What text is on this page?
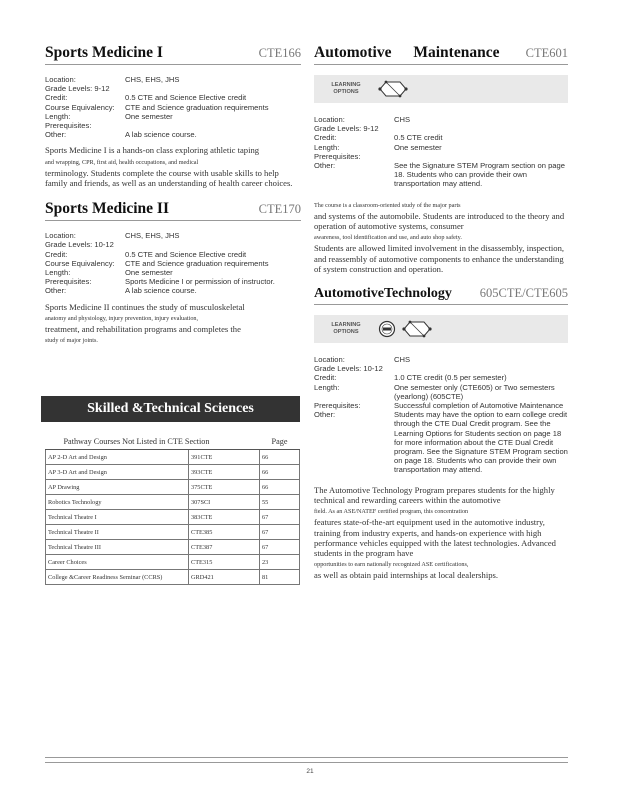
Sports Medicine I	CTE166
Location:	CHS, EHS, JHS
Grade Levels: 9-12
Credit:	0.5 CTE and Science Elective credit
Course Equivalency:	CTE and Science graduation requirements
Length:	One semester
Prerequisites:
Other:	A lab science course.
Sports Medicine I is a hands-on class exploring athletic taping
and wrapping, CPR, first aid, health occupations, and medical
terminology. Students complete the course with usable skills to help family and friends, as well as an understanding of health career choices.
Sports Medicine II	CTE170
Location:	CHS, EHS, JHS
Grade Levels: 10-12
Credit:	0.5 CTE and Science Elective credit
Course Equivalency:	CTE and Science graduation requirements
Length:	One semester
Prerequisites:	Sports Medicine I or permission of instructor.
Other:	A lab science course.
Sports Medicine II continues the study of musculoskeletal
anatomy and physiology, injury prevention, injury evaluation,
treatment, and rehabilitation programs and completes the
study of major joints.
Skilled &Technical Sciences
Pathway Courses Not Listed in CTE Section		Page
AP 2-D Art and Design	391CTE	66
AP 3-D Art and Design	393CTE	66
AP Drawing	375CTE	66
Robotics Technology	307SCI	55
Technical Theatre I	383CTE	67
Technical Theatre II	CTE385	67
Technical Theatre III	CTE387	67
Career Choices	CTE315	23
College &Career Readiness Seminar (CCRS)	GRD421	81
Automotive Maintenance CTE601
LEARNING OPTIONS
Location:	CHS
Grade Levels: 9-12
Credit:	0.5 CTE credit
Length:	One semester
Prerequisites:
Other:	See the Signature STEM Program section on page 18. Students who can provide their own transportation may attend.
The course is a classroom-oriented study of the major parts
and systems of the automobile. Students are introduced to the theory and operation of automotive systems, consumer
awareness, tool identification and use, and auto shop safety.
Students are allowed limited involvement in the disassembly, inspection, and reassembly of automotive components to enhance the understanding of system construction and operation.
AutomotiveTechnology 605CTE/CTE605
LEARNING OPTIONS
Location:	CHS
Grade Levels: 10-12
Credit:	1.0 CTE credit (0.5 per semester)
Length:	One semester only (CTE605) or Two semesters (yearlong) (605CTE)
Prerequisites:	Successful completion of Automotive Maintenance
Other:	Students may have the option to earn college credit through the CTE Dual Credit program. See the Learning Options for Students section on page 18 for more information about the CTE Dual Credit program. See the Signature STEM Program section on page 18. Students who can provide their own transportation may attend.
The Automotive Technology Program prepares students for the highly technical and rewarding careers within the automotive
field. As an ASE/NATEF certified program, this concentration
features state-of-the-art equipment used in the automotive industry, training from industry experts, and hands-on experience with high performance vehicles equipped with the latest technologies. Advanced students in the program have
opportunities to earn nationally recognized ASE certifications,
as well as obtain paid internships at local dealerships.
21
